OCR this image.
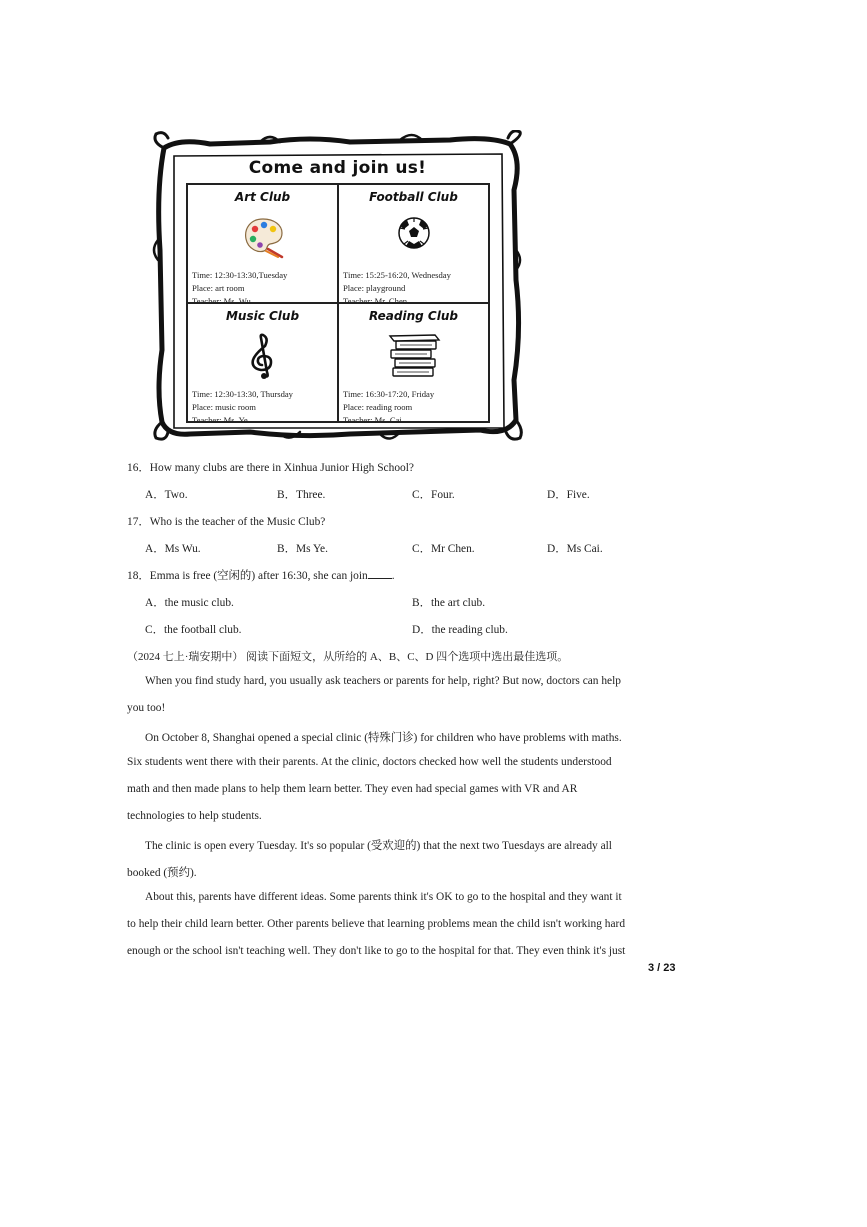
Come and join us!
Art Club
Time: 12:30-13:30,Tuesday
Place: art room
Teacher: Ms. Wu
Football Club
Time: 15:25-16:20, Wednesday
Place: playground
Teacher: Mr. Chen
Music Club
Time: 12:30-13:30, Thursday
Place: music room
Teacher: Ms. Ye
Reading Club
Time: 16:30-17:20, Friday
Place: reading room
Teacher: Ms. Cai
16．How many clubs are there in Xinhua Junior High School?
A．Two.	B．Three.	C．Four.	D．Five.
17．Who is the teacher of the Music Club?
A．Ms Wu.	B．Ms Ye.	C．Mr Chen.	D．Ms Cai.
18．Emma is free (空闲的) after 16:30, she can join .
A．the music club.	B．the art club.
C．the football club.	D．the reading club.
（2024 七上·瑞安期中） 阅读下面短文，从所给的 A、B、C、D 四个选项中选出最佳选项。
When you find study hard, you usually ask teachers or parents for help, right? But now, doctors can help
you too!
On October 8, Shanghai opened a special clinic (特殊门诊) for children who have problems with maths.
Six students went there with their parents. At the clinic, doctors checked how well the students understood
math and then made plans to help them learn better. They even had special games with VR and AR
technologies to help students.
The clinic is open every Tuesday. It's so popular (受欢迎的) that the next two Tuesdays are already all
booked (预约).
About this, parents have different ideas. Some parents think it's OK to go to the hospital and they want it
to help their child learn better. Other parents believe that learning problems mean the child isn't working hard
enough or the school isn't teaching well. They don't like to go to the hospital for that. They even think it's just
3 / 23
